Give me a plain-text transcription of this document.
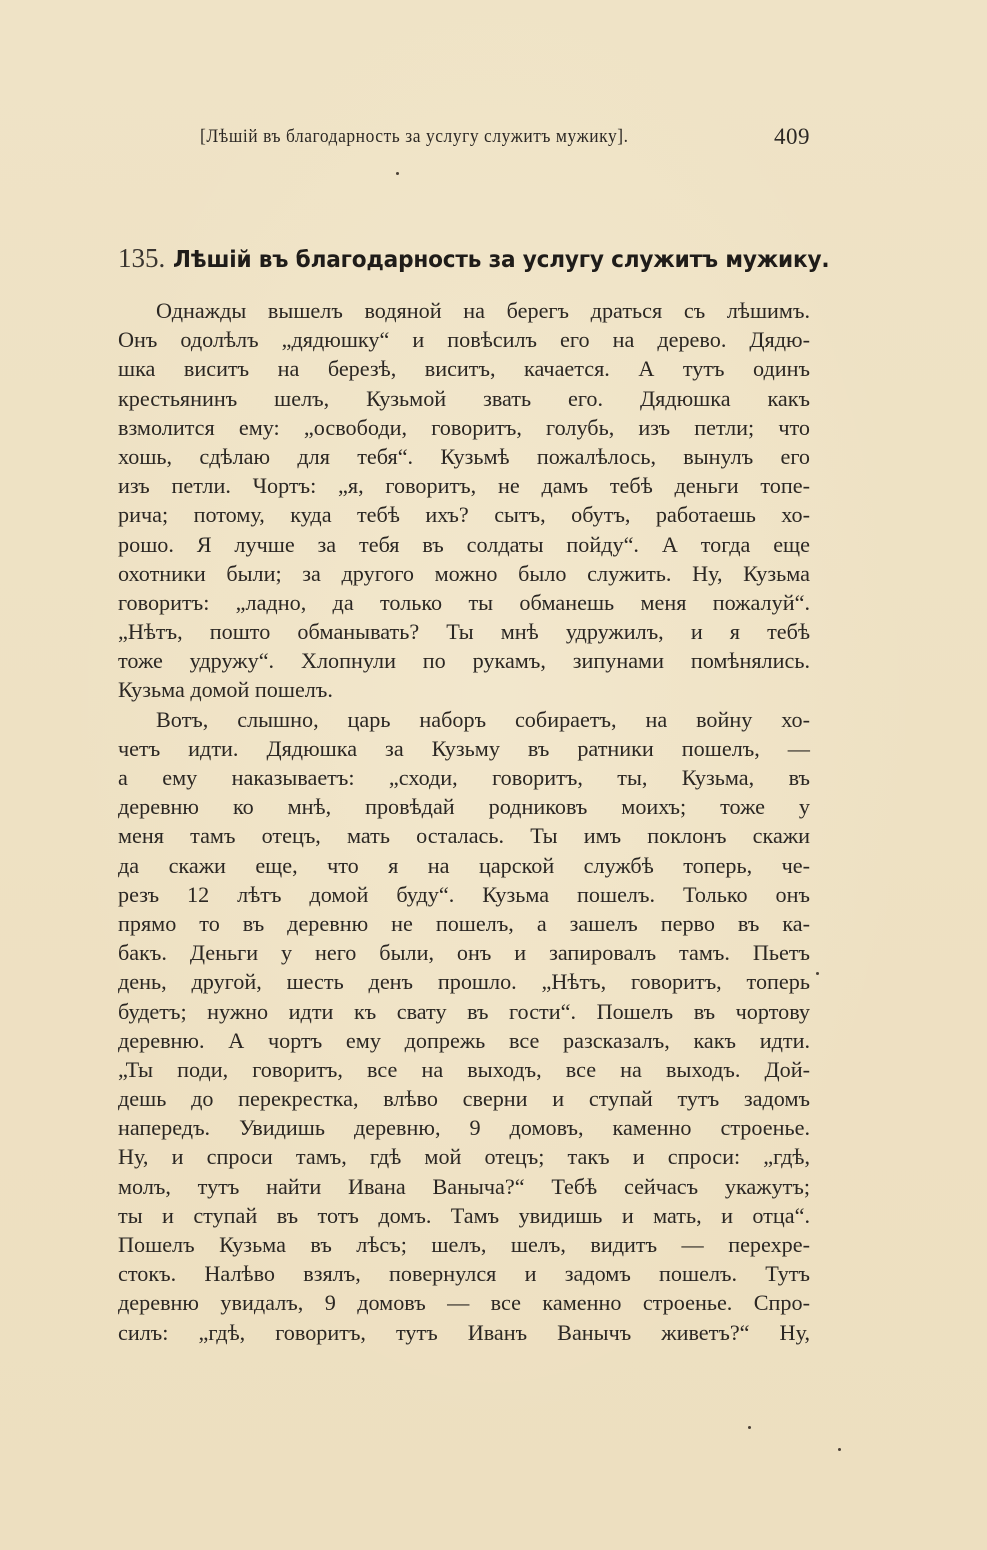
[Лѣшій въ благодарность за услугу служитъ мужику].	409
135. Лѣшій въ благодарность за услугу служитъ мужику.
Однажды вышелъ водяной на берегъ драться съ лѣшимъ.
Онъ одолѣлъ „дядюшку“ и повѣсилъ его на дерево. Дядю-
шка виситъ на березѣ, виситъ, качается. А тутъ одинъ
крестьянинъ шелъ, Кузьмой звать его. Дядюшка какъ
взмолится ему: „освободи, говоритъ, голубь, изъ петли; что
хошь, сдѣлаю для тебя“. Кузьмѣ пожалѣлось, вынулъ его
изъ петли. Чортъ: „я, говоритъ, не дамъ тебѣ деньги топе-
рича; потому, куда тебѣ ихъ? сытъ, обутъ, работаешь хо-
рошо. Я лучше за тебя въ солдаты пойду“. А тогда еще
охотники были; за другого можно было служить. Ну, Кузьма
говоритъ: „ладно, да только ты обманешь меня пожалуй“.
„Нѣтъ, пошто обманывать? Ты мнѣ удружилъ, и я тебѣ
тоже удружу“. Хлопнули по рукамъ, зипунами помѣнялись.
Кузьма домой пошелъ.
Вотъ, слышно, царь наборъ собираетъ, на войну хо-
четъ идти. Дядюшка за Кузьму въ ратники пошелъ, —
а ему наказываетъ: „сходи, говоритъ, ты, Кузьма, въ
деревню ко мнѣ, провѣдай родниковъ моихъ; тоже у
меня тамъ отецъ, мать осталась. Ты имъ поклонъ скажи
да скажи еще, что я на царской службѣ топерь, че-
резъ 12 лѣтъ домой буду“. Кузьма пошелъ. Только онъ
прямо то въ деревню не пошелъ, а зашелъ перво въ ка-
бакъ. Деньги у него были, онъ и запировалъ тамъ. Пьетъ
день, другой, шесть денъ прошло. „Нѣтъ, говоритъ, топерь
будетъ; нужно идти къ свату въ гости“. Пошелъ въ чортову
деревню. А чортъ ему допрежь все разсказалъ, какъ идти.
„Ты поди, говоритъ, все на выходъ, все на выходъ. Дой-
дешь до перекрестка, влѣво сверни и ступай тутъ задомъ
напередъ. Увидишь деревню, 9 домовъ, каменно строенье.
Ну, и спроси тамъ, гдѣ мой отецъ; такъ и спроси: „гдѣ,
молъ, тутъ найти Ивана Ваныча?“ Тебѣ сейчасъ укажутъ;
ты и ступай въ тотъ домъ. Тамъ увидишь и мать, и отца“.
Пошелъ Кузьма въ лѣсъ; шелъ, шелъ, видитъ — перехре-
стокъ. Налѣво взялъ, повернулся и задомъ пошелъ. Тутъ
деревню увидалъ, 9 домовъ — все каменно строенье. Спро-
силъ: „гдѣ, говоритъ, тутъ Иванъ Ванычъ живетъ?“ Ну,
